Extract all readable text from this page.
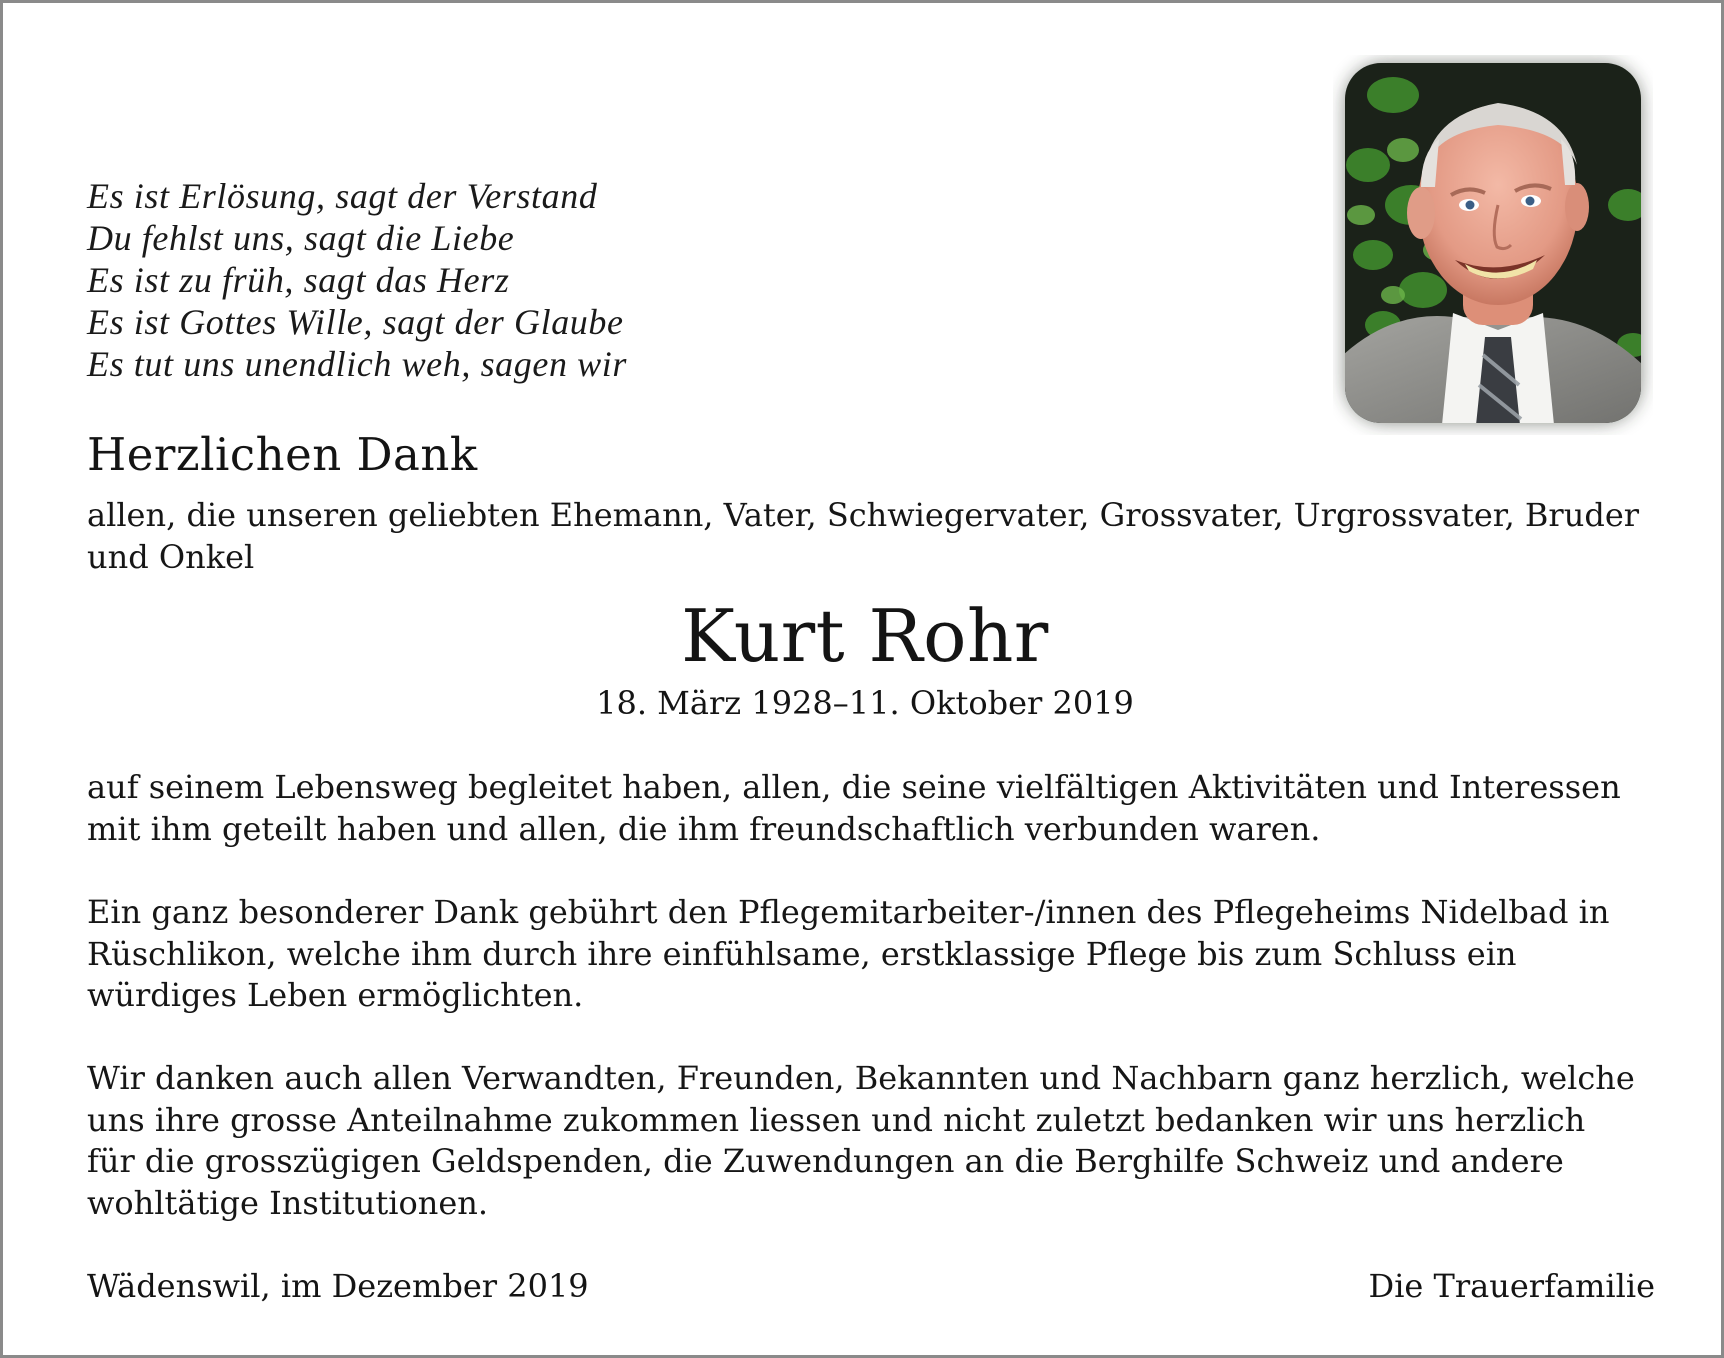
Es ist Erlösung, sagt der Verstand
Du fehlst uns, sagt die Liebe
Es ist zu früh, sagt das Herz
Es ist Gottes Wille, sagt der Glaube
Es tut uns unendlich weh, sagen wir
Herzlichen Dank

allen, die unseren geliebten Ehemann, Vater, Schwiegervater, Grossvater, Urgrossvater, Bruder
und Onkel

Kurt Rohr
18. März 1928–11. Oktober 2019

auf seinem Lebensweg begleitet haben, allen, die seine vielfältigen Aktivitäten und Interessen
mit ihm geteilt haben und allen, die ihm freundschaftlich verbunden waren.

Ein ganz besonderer Dank gebührt den Pflegemitarbeiter-/innen des Pflegeheims Nidelbad in
Rüschlikon, welche ihm durch ihre einfühlsame, erstklassige Pflege bis zum Schluss ein
würdiges Leben ermöglichten.

Wir danken auch allen Verwandten, Freunden, Bekannten und Nachbarn ganz herzlich, welche
uns ihre grosse Anteilnahme zukommen liessen und nicht zuletzt bedanken wir uns herzlich
für die grosszügigen Geldspenden, die Zuwendungen an die Berghilfe Schweiz und andere
wohltätige Institutionen.

Wädenswil, im Dezember 2019	Die Trauerfamilie
